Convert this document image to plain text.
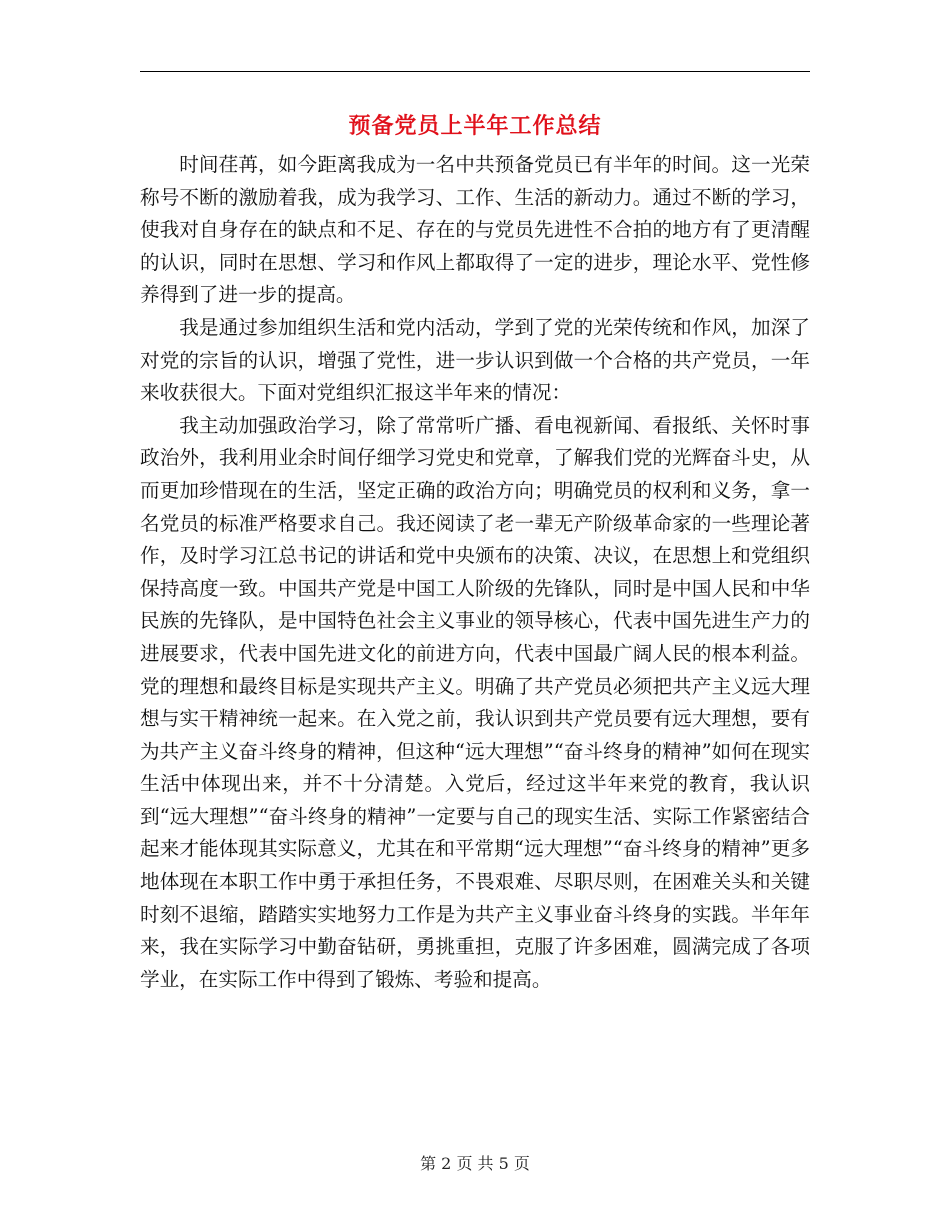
预备党员上半年工作总结

时间荏苒，如今距离我成为一名中共预备党员已有半年的时间。这一光荣称号不断的激励着我，成为我学习、工作、生活的新动力。通过不断的学习，使我对自身存在的缺点和不足、存在的与党员先进性不合拍的地方有了更清醒的认识，同时在思想、学习和作风上都取得了一定的进步，理论水平、党性修养得到了进一步的提高。

我是通过参加组织生活和党内活动，学到了党的光荣传统和作风，加深了对党的宗旨的认识，增强了党性，进一步认识到做一个合格的共产党员，一年来收获很大。下面对党组织汇报这半年来的情况：

我主动加强政治学习，除了常常听广播、看电视新闻、看报纸、关怀时事政治外，我利用业余时间仔细学习党史和党章，了解我们党的光辉奋斗史，从而更加珍惜现在的生活，坚定正确的政治方向；明确党员的权利和义务，拿一名党员的标准严格要求自己。我还阅读了老一辈无产阶级革命家的一些理论著作，及时学习江总书记的讲话和党中央颁布的决策、决议，在思想上和党组织保持高度一致。中国共产党是中国工人阶级的先锋队，同时是中国人民和中华民族的先锋队，是中国特色社会主义事业的领导核心，代表中国先进生产力的进展要求，代表中国先进文化的前进方向，代表中国最广阔人民的根本利益。党的理想和最终目标是实现共产主义。明确了共产党员必须把共产主义远大理想与实干精神统一起来。在入党之前，我认识到共产党员要有远大理想，要有为共产主义奋斗终身的精神，但这种“远大理想”“奋斗终身的精神”如何在现实生活中体现出来，并不十分清楚。入党后，经过这半年来党的教育，我认识到“远大理想”“奋斗终身的精神”一定要与自己的现实生活、实际工作紧密结合起来才能体现其实际意义，尤其在和平常期“远大理想”“奋斗终身的精神”更多地体现在本职工作中勇于承担任务，不畏艰难、尽职尽则，在困难关头和关键时刻不退缩，踏踏实实地努力工作是为共产主义事业奋斗终身的实践。半年年来，我在实际学习中勤奋钻研，勇挑重担，克服了许多困难，圆满完成了各项学业，在实际工作中得到了锻炼、考验和提高。

第 2 页 共 5 页
